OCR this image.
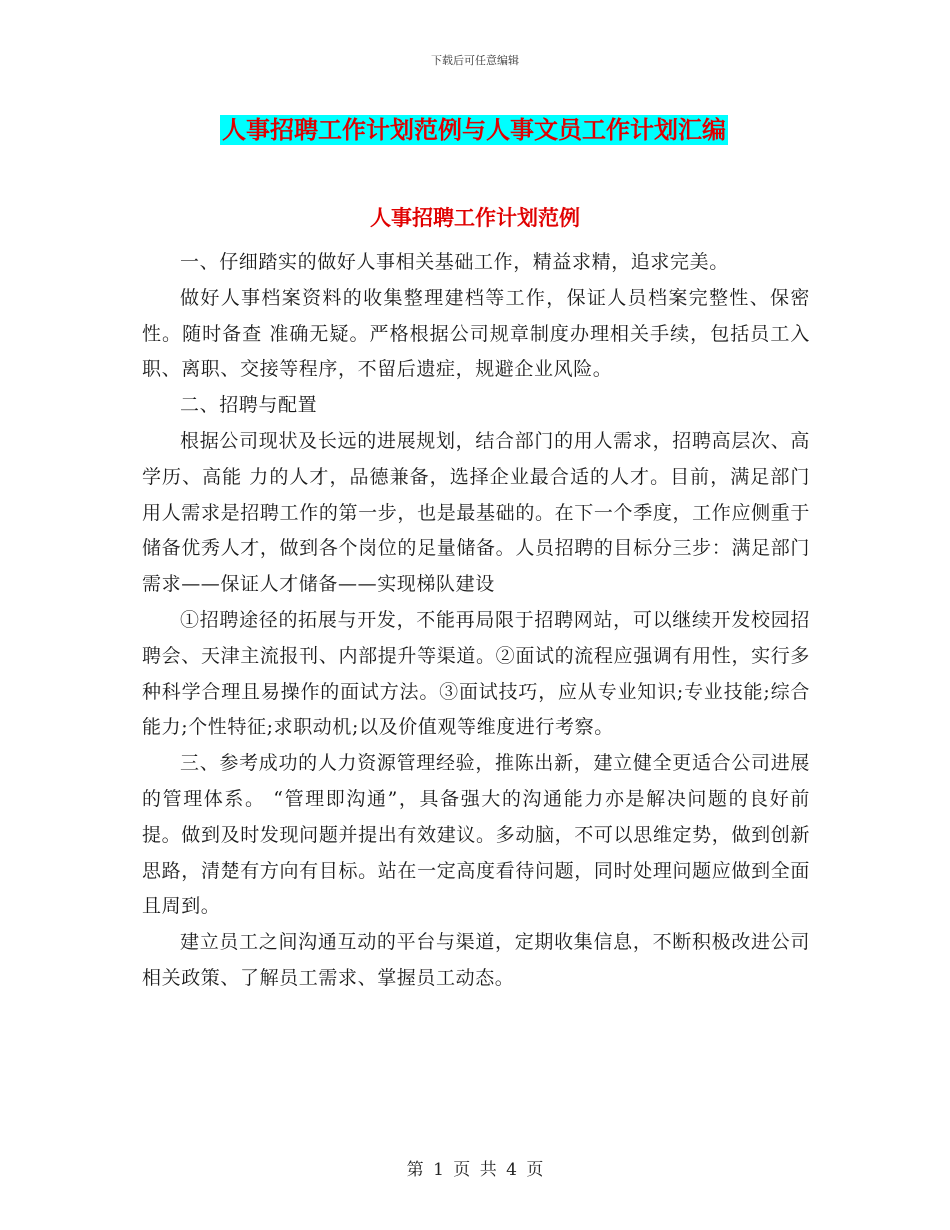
下载后可任意编辑
人事招聘工作计划范例与人事文员工作计划汇编
人事招聘工作计划范例

一、仔细踏实的做好人事相关基础工作，精益求精，追求完美。

做好人事档案资料的收集整理建档等工作，保证人员档案完整性、保密性。随时备查 准确无疑。严格根据公司规章制度办理相关手续，包括员工入职、离职、交接等程序，不留后遗症，规避企业风险。

二、招聘与配置

根据公司现状及长远的进展规划，结合部门的用人需求，招聘高层次、高学历、高能 力的人才，品德兼备，选择企业最合适的人才。目前，满足部门用人需求是招聘工作的第一步，也是最基础的。在下一个季度，工作应侧重于储备优秀人才，做到各个岗位的足量储备。人员招聘的目标分三步：满足部门需求——保证人才储备——实现梯队建设

①招聘途径的拓展与开发，不能再局限于招聘网站，可以继续开发校园招聘会、天津主流报刊、内部提升等渠道。②面试的流程应强调有用性，实行多种科学合理且易操作的面试方法。③面试技巧，应从专业知识;专业技能;综合能力;个性特征;求职动机;以及价值观等维度进行考察。

三、参考成功的人力资源管理经验，推陈出新，建立健全更适合公司进展的管理体系。 “管理即沟通”，具备强大的沟通能力亦是解决问题的良好前提。做到及时发现问题并提出有效建议。多动脑，不可以思维定势，做到创新思路，清楚有方向有目标。站在一定高度看待问题，同时处理问题应做到全面且周到。

建立员工之间沟通互动的平台与渠道，定期收集信息，不断积极改进公司相关政策、了解员工需求、掌握员工动态。

第 1 页 共 4 页
